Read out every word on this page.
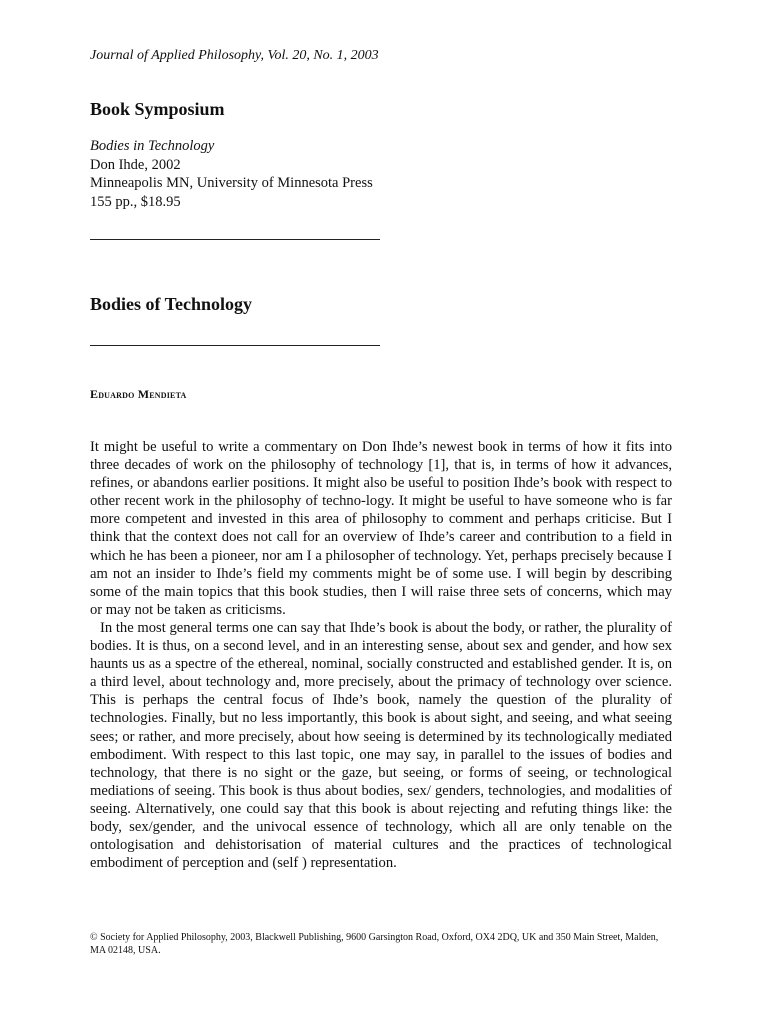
Journal of Applied Philosophy, Vol. 20, No. 1, 2003
Book Symposium
Bodies in Technology
Don Ihde, 2002
Minneapolis MN, University of Minnesota Press
155 pp., $18.95
Bodies of Technology
Eduardo Mendieta

It might be useful to write a commentary on Don Ihde’s newest book in terms of how it fits into three decades of work on the philosophy of technology [1], that is, in terms of how it advances, refines, or abandons earlier positions. It might also be useful to position Ihde’s book with respect to other recent work in the philosophy of techno-logy. It might be useful to have someone who is far more competent and invested in this area of philosophy to comment and perhaps criticise. But I think that the context does not call for an overview of Ihde’s career and contribution to a field in which he has been a pioneer, nor am I a philosopher of technology. Yet, perhaps precisely because I am not an insider to Ihde’s field my comments might be of some use. I will begin by describing some of the main topics that this book studies, then I will raise three sets of concerns, which may or may not be taken as criticisms.

In the most general terms one can say that Ihde’s book is about the body, or rather, the plurality of bodies. It is thus, on a second level, and in an interesting sense, about sex and gender, and how sex haunts us as a spectre of the ethereal, nominal, socially constructed and established gender. It is, on a third level, about technology and, more precisely, about the primacy of technology over science. This is perhaps the central focus of Ihde’s book, namely the question of the plurality of technologies. Finally, but no less importantly, this book is about sight, and seeing, and what seeing sees; or rather, and more precisely, about how seeing is determined by its technologically mediated embodiment. With respect to this last topic, one may say, in parallel to the issues of bodies and technology, that there is no sight or the gaze, but seeing, or forms of seeing, or technological mediations of seeing. This book is thus about bodies, sex/ genders, technologies, and modalities of seeing. Alternatively, one could say that this book is about rejecting and refuting things like: the body, sex/gender, and the univocal essence of technology, which all are only tenable on the ontologisation and dehistorisation of material cultures and the practices of technological embodiment of perception and (self ) representation.

© Society for Applied Philosophy, 2003, Blackwell Publishing, 9600 Garsington Road, Oxford, OX4 2DQ, UK and 350 Main Street, Malden, MA 02148, USA.
